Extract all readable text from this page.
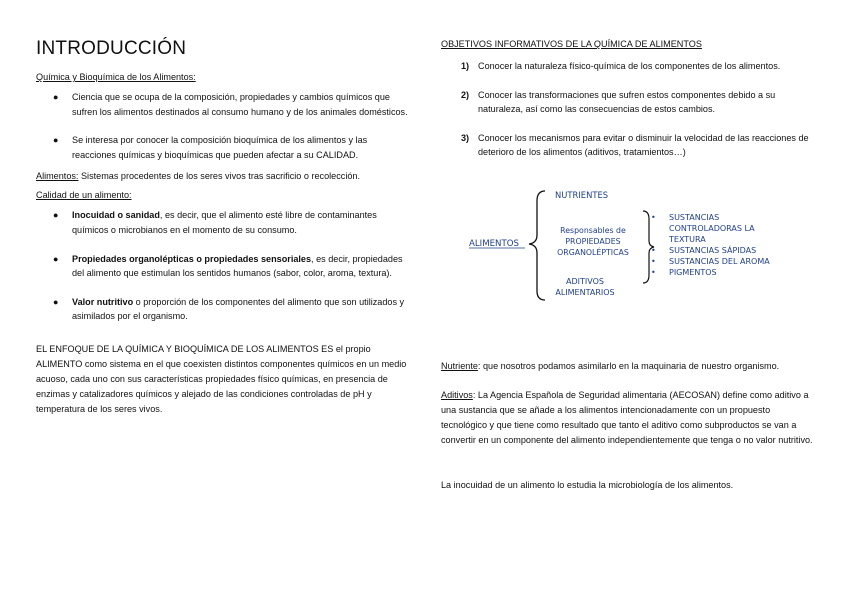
INTRODUCCIÓN
Química y Bioquímica de los Alimentos:
● Ciencia que se ocupa de la composición, propiedades y cambios químicos que sufren los alimentos destinados al consumo humano y de los animales domésticos.
● Se interesa por conocer la composición bioquímica de los alimentos y las reacciones químicas y bioquímicas que pueden afectar a su CALIDAD.

Alimentos: Sistemas procedentes de los seres vivos tras sacrificio o recolección.

Calidad de un alimento:
● Inocuidad o sanidad, es decir, que el alimento esté libre de contaminantes químicos o microbianos en el momento de su consumo.
● Propiedades organolépticas o propiedades sensoriales, es decir, propiedades del alimento que estimulan los sentidos humanos (sabor, color, aroma, textura).
● Valor nutritivo o proporción de los componentes del alimento que son utilizados y asimilados por el organismo.

EL ENFOQUE DE LA QUÍMICA Y BIOQUÍMICA DE LOS ALIMENTOS ES el propio ALIMENTO como sistema en el que coexisten distintos componentes químicos en un medio acuoso, cada uno con sus características propiedades físico químicas, en presencia de enzimas y catalizadores químicos y alejado de las condiciones controladas de pH y temperatura de los seres vivos.

OBJETIVOS INFORMATIVOS DE LA QUÍMICA DE ALIMENTOS
1) Conocer la naturaleza físico-química de los componentes de los alimentos.
2) Conocer las transformaciones que sufren estos componentes debido a su naturaleza, así como las consecuencias de estos cambios.
3) Conocer los mecanismos para evitar o disminuir la velocidad de las reacciones de deterioro de los alimentos (aditivos, tratamientos…)

Nutriente: que nosotros podamos asimilarlo en la maquinaria de nuestro organismo.

Aditivos: La Agencia Española de Seguridad alimentaria (AECOSAN) define como aditivo a una sustancia que se añade a los alimentos intencionadamente con un propuesto tecnológico y que tiene como resultado que tanto el aditivo como subproductos se van a convertir en un componente del alimento independientemente que tenga o no valor nutritivo.

La inocuidad de un alimento lo estudia la microbiología de los alimentos.

ALIMENTOS
NUTRIENTES
Responsables de
PROPIEDADES
ORGANOLÉPTICAS
ADITIVOS
ALIMENTARIOS
• SUSTANCIAS
CONTROLADORAS LA
TEXTURA
• SUSTANCIAS SÁPIDAS
• SUSTANCIAS DEL AROMA
• PIGMENTOS
